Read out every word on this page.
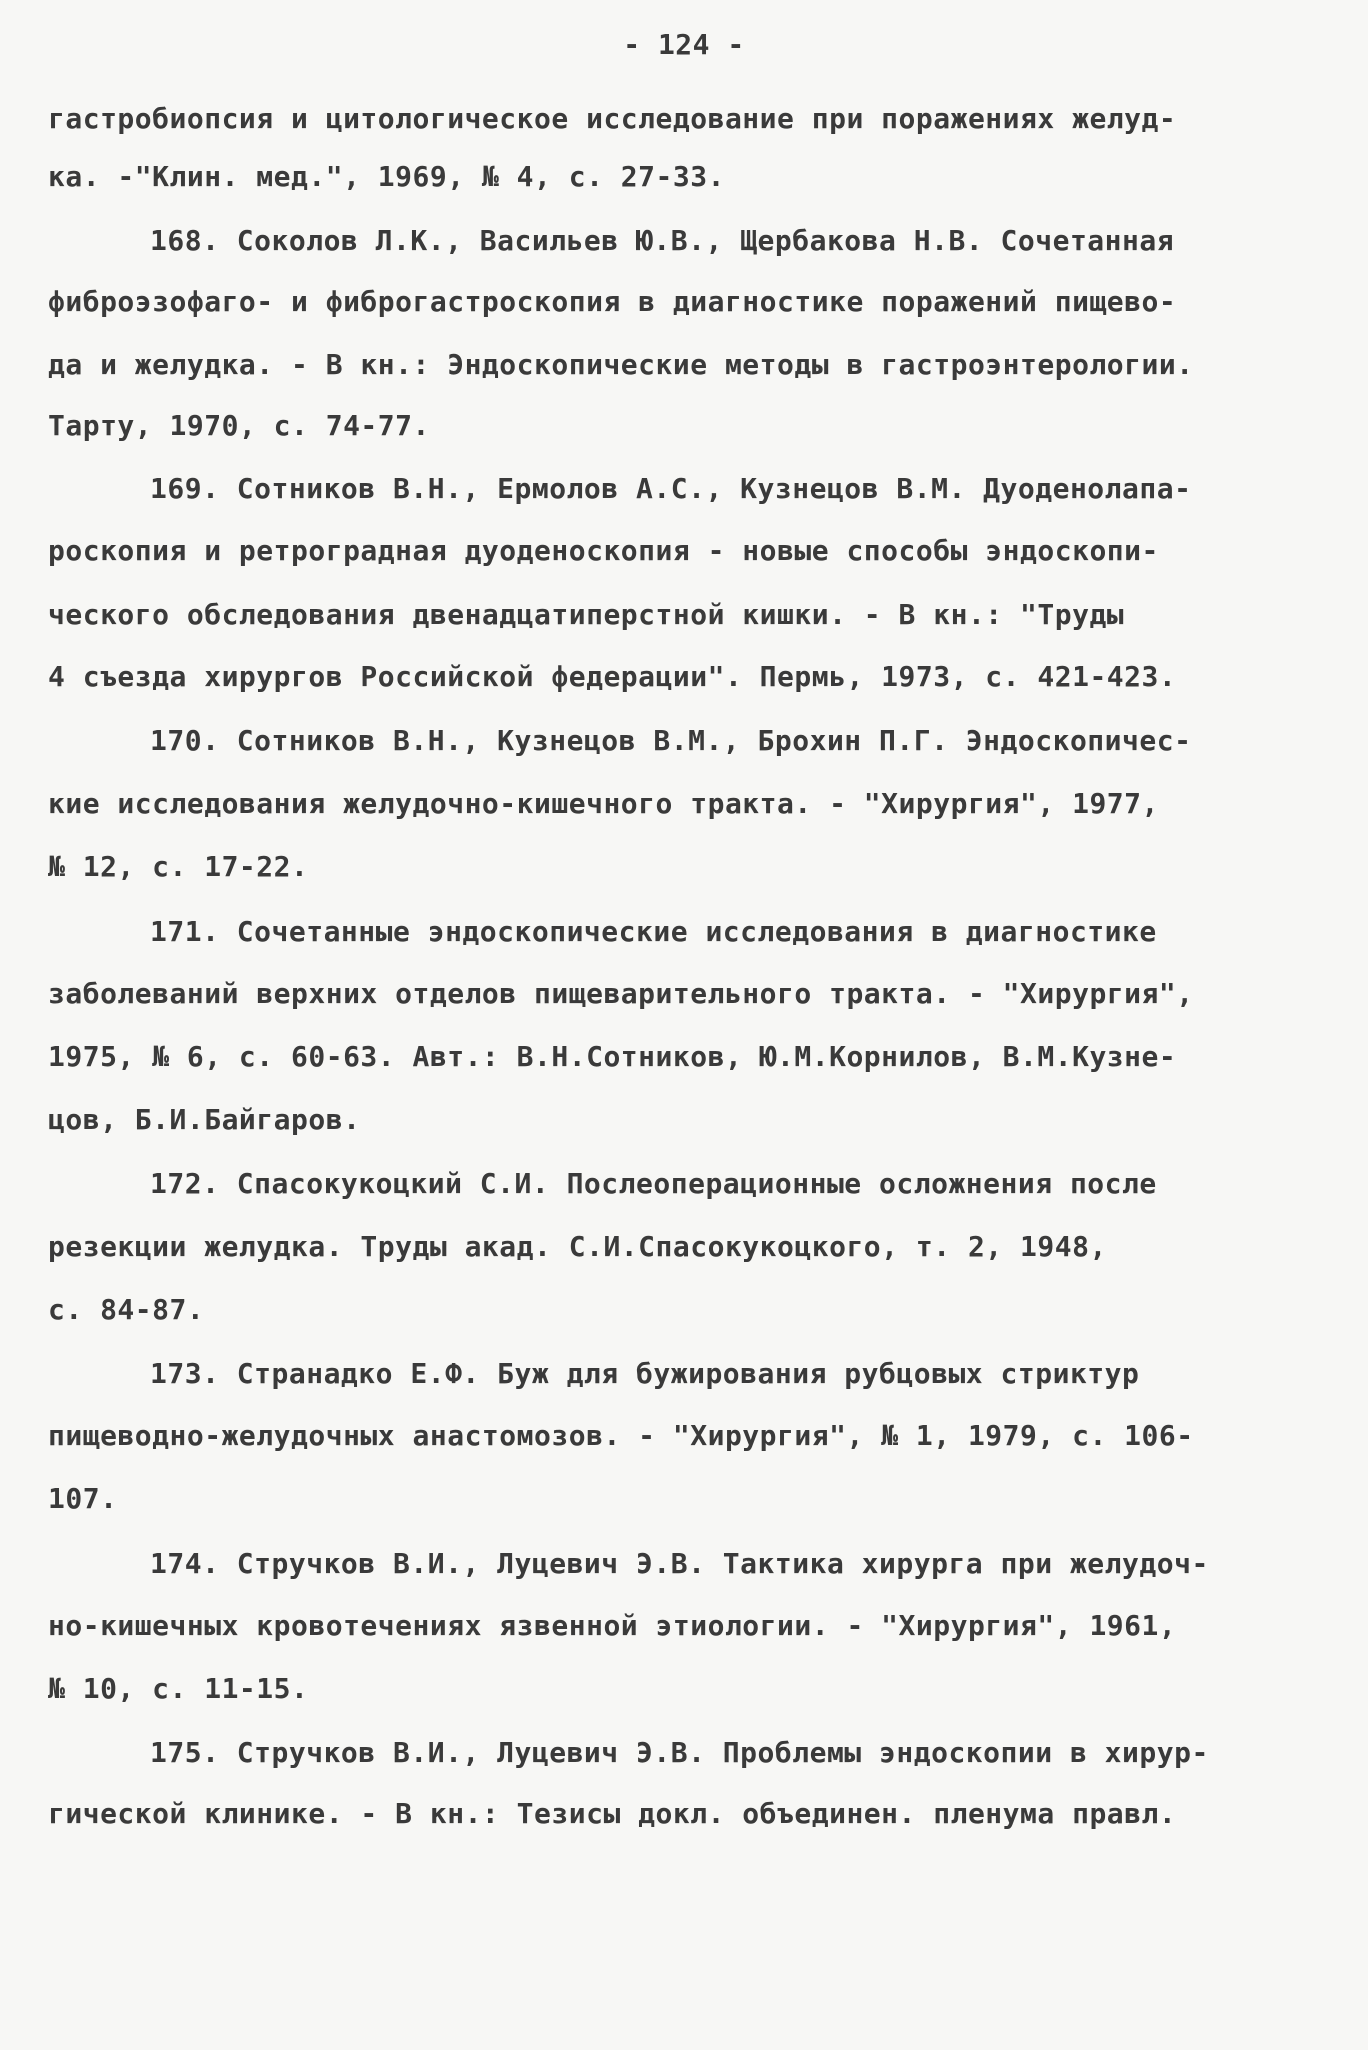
- 124 -
гастробиопсия и цитологическое исследование при поражениях желуд-
ка. -"Клин. мед.", 1969, № 4, с. 27-33.
168. Соколов Л.К., Васильев Ю.В., Щербакова Н.В. Сочетанная
фиброэзофаго- и фиброгастроскопия в диагностике поражений пищево-
да и желудка. - В кн.: Эндоскопические методы в гастроэнтерологии.
Тарту, 1970, с. 74-77.
169. Сотников В.Н., Ермолов А.С., Кузнецов В.М. Дуоденолапа-
роскопия и ретроградная дуоденоскопия - новые способы эндоскопи-
ческого обследования двенадцатиперстной кишки. - В кн.: "Труды
4 съезда хирургов Российской федерации". Пермь, 1973, с. 421-423.
170. Сотников В.Н., Кузнецов В.М., Брохин П.Г. Эндоскопичес-
кие исследования желудочно-кишечного тракта. - "Хирургия", 1977,
№ 12, с. 17-22.
171. Сочетанные эндоскопические исследования в диагностике
заболеваний верхних отделов пищеварительного тракта. - "Хирургия",
1975, № 6, с. 60-63. Авт.: В.Н.Сотников, Ю.М.Корнилов, В.М.Кузне-
цов, Б.И.Байгаров.
172. Спасокукоцкий С.И. Послеоперационные осложнения после
резекции желудка. Труды акад. С.И.Спасокукоцкого, т. 2, 1948,
с. 84-87.
173. Странадко Е.Ф. Буж для бужирования рубцовых стриктур
пищеводно-желудочных анастомозов. - "Хирургия", № 1, 1979, с. 106-
107.
174. Стручков В.И., Луцевич Э.В. Тактика хирурга при желудоч-
но-кишечных кровотечениях язвенной этиологии. - "Хирургия", 1961,
№ 10, с. 11-15.
175. Стручков В.И., Луцевич Э.В. Проблемы эндоскопии в хирур-
гической клинике. - В кн.: Тезисы докл. объединен. пленума правл.
